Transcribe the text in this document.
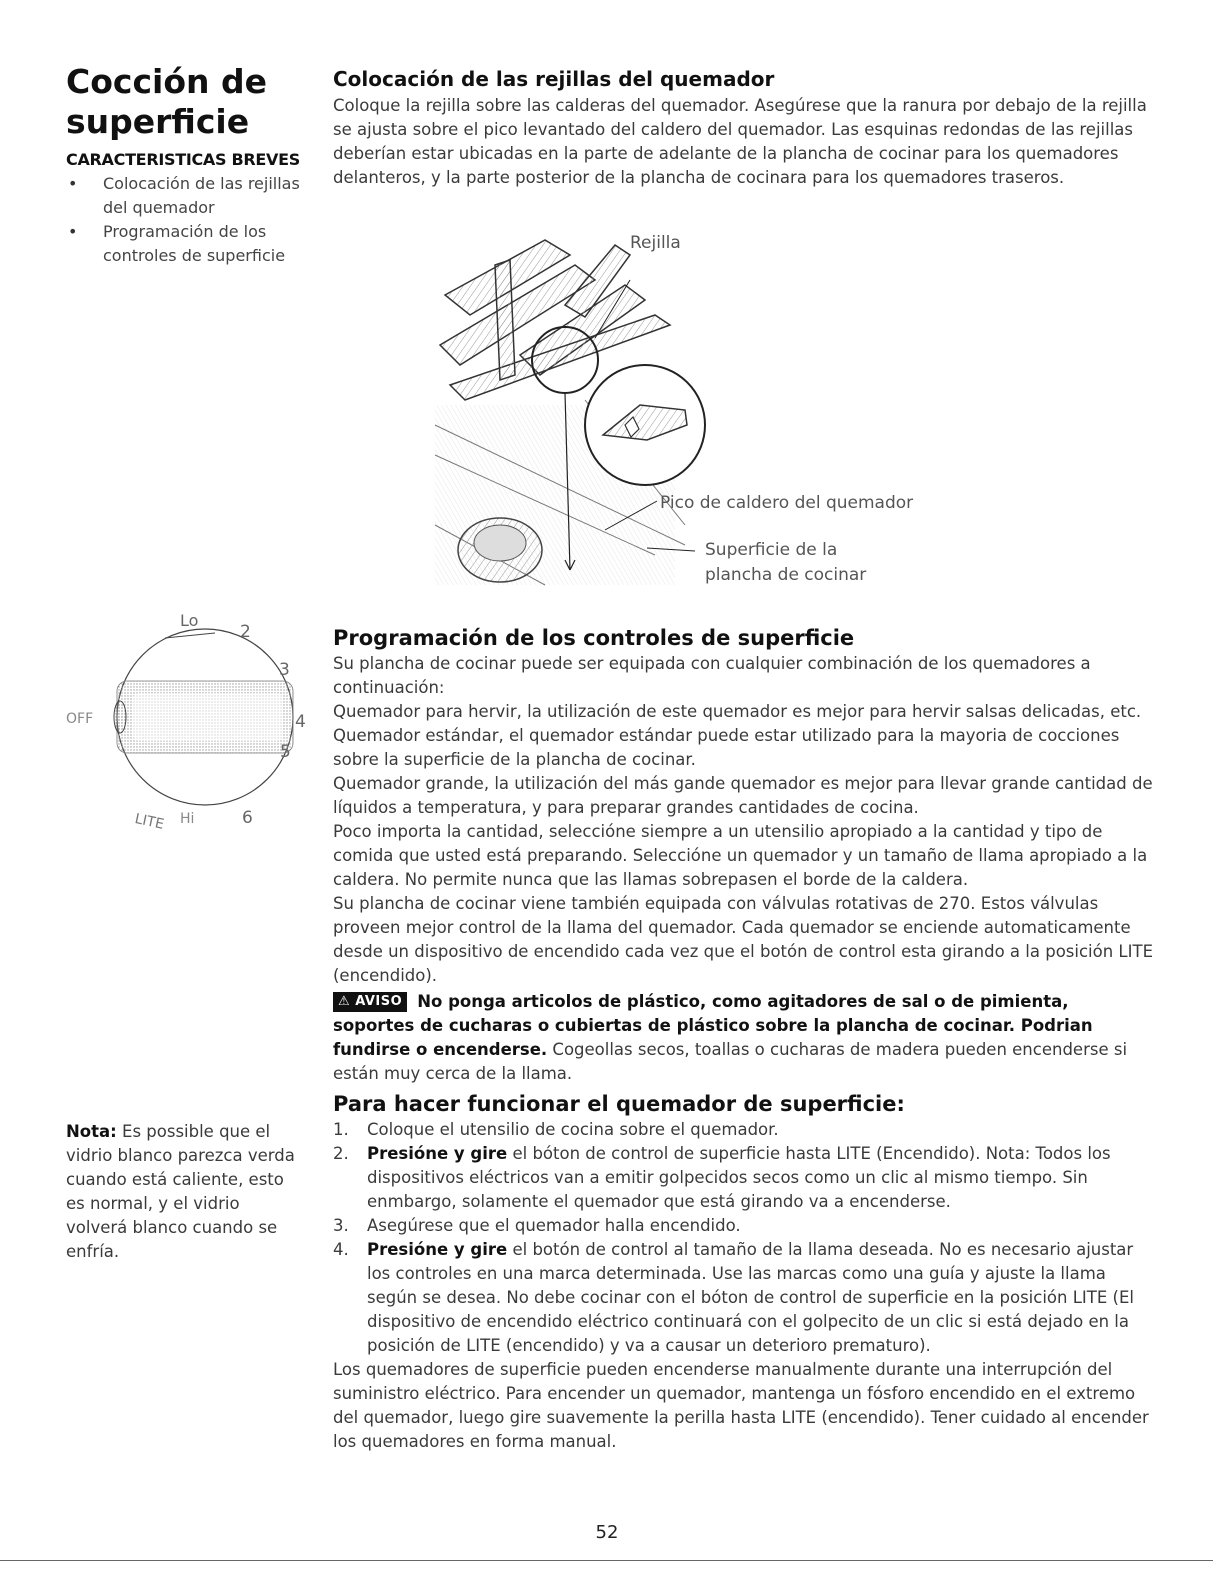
Cocción de superficie
CARACTERISTICAS BREVES
• Colocación de las rejillas del quemador
• Programación de los controles de superficie
Lo
2
3
4
5
6
OFF
LITE Hi
Nota: Es possible que el vidrio blanco parezca verda cuando está caliente, esto es normal, y el vidrio volverá blanco cuando se enfría.
Colocación de las rejillas del quemador

Coloque la rejilla sobre las calderas del quemador. Asegúrese que la ranura por debajo de la rejilla se ajusta sobre el pico levantado del caldero del quemador. Las esquinas redondas de las rejillas deberían estar ubicadas en la parte de adelante de la plancha de cocinar para los quemadores delanteros, y la parte posterior de la plancha de cocinara para los quemadores traseros.

Rejilla
Pico de caldero del quemador
Superficie de la
plancha de cocinar
Programación de los controles de superficie

Su plancha de cocinar puede ser equipada con cualquier combinación de los quemadores a continuación:

Quemador para hervir, la utilización de este quemador es mejor para hervir salsas delicadas, etc.

Quemador estándar, el quemador estándar puede estar utilizado para la mayoria de cocciones sobre la superficie de la plancha de cocinar.

Quemador grande, la utilización del más gande quemador es mejor para llevar grande cantidad de líquidos a temperatura, y para preparar grandes cantidades de cocina.

Poco importa la cantidad, seleccióne siempre a un utensilio apropiado a la cantidad y tipo de comida que usted está preparando. Seleccióne un quemador y un tamaño de llama apropiado a la caldera. No permite nunca que las llamas sobrepasen el borde de la caldera.

Su plancha de cocinar viene también equipada con válvulas rotativas de 270. Estos válvulas proveen mejor control de la llama del quemador. Cada quemador se enciende automaticamente desde un dispositivo de encendido cada vez que el botón de control esta girando a la posición LITE (encendido).

⚠ AVISO No ponga articolos de plástico, como agitadores de sal o de pimienta, soportes de cucharas o cubiertas de plástico sobre la plancha de cocinar. Podrian fundirse o encenderse. Cogeollas secos, toallas o cucharas de madera pueden encenderse si están muy cerca de la llama.

Para hacer funcionar el quemador de superficie:
1. Coloque el utensilio de cocina sobre el quemador.
2. Presióne y gire el bóton de control de superficie hasta LITE (Encendido). Nota: Todos los dispositivos eléctricos van a emitir golpecidos secos como un clic al mismo tiempo. Sin enmbargo, solamente el quemador que está girando va a encenderse.
3. Asegúrese que el quemador halla encendido.
4. Presióne y gire el botón de control al tamaño de la llama deseada. No es necesario ajustar los controles en una marca determinada. Use las marcas como una guía y ajuste la llama según se desea. No debe cocinar con el bóton de control de superficie en la posición LITE (El dispositivo de encendido eléctrico continuará con el golpecito de un clic si está dejado en la posición de LITE (encendido) y va a causar un deterioro prematuro).

Los quemadores de superficie pueden encenderse manualmente durante una interrupción del suministro eléctrico. Para encender un quemador, mantenga un fósforo encendido en el extremo del quemador, luego gire suavemente la perilla hasta LITE (encendido). Tener cuidado al encender los quemadores en forma manual.

52
